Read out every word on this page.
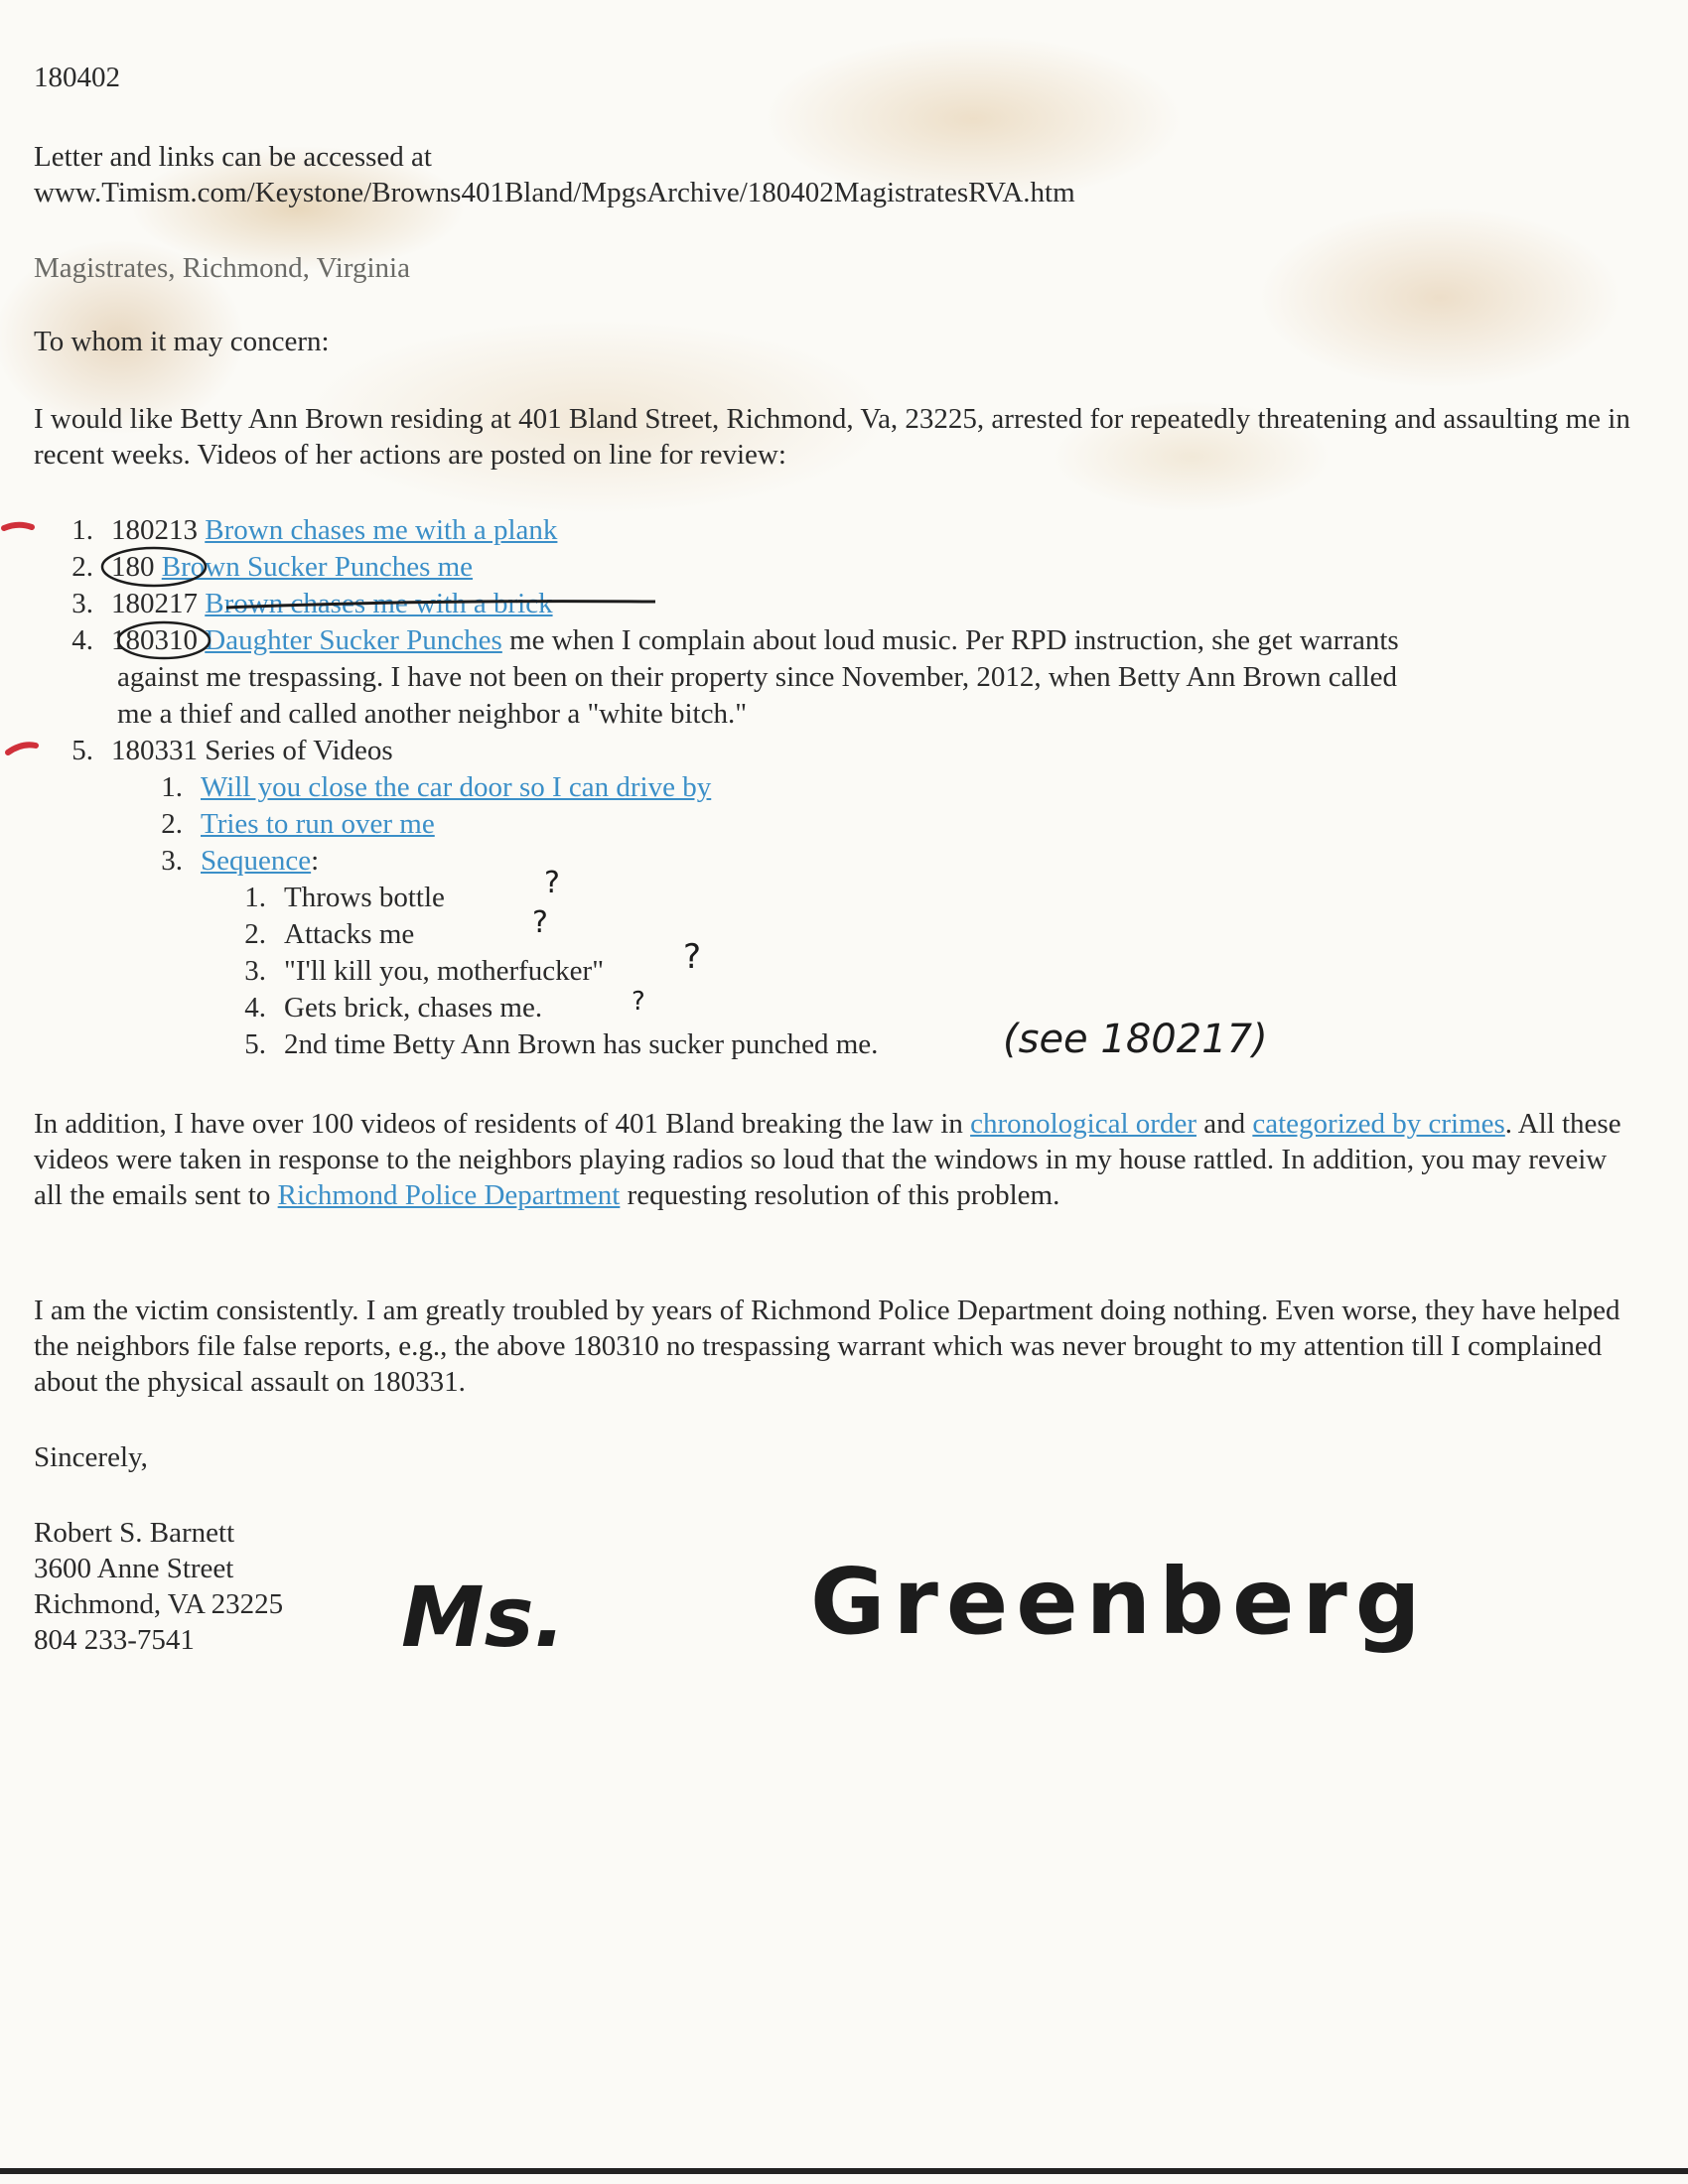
180402
Letter and links can be accessed at
www.Timism.com/Keystone/Browns401Bland/MpgsArchive/180402MagistratesRVA.htm
Magistrates, Richmond, Virginia
To whom it may concern:
I would like Betty Ann Brown residing at 401 Bland Street, Richmond, Va, 23225, arrested for repeatedly threatening and assaulting me in recent weeks. Videos of her actions are posted on line for review:
1. 180213 Brown chases me with a plank
2. 180 Brown Sucker Punches me
3. 180217 Brown chases me with a brick
4. 180310 Daughter Sucker Punches me when I complain about loud music. Per RPD instruction, she get warrants
against me trespassing. I have not been on their property since November, 2012, when Betty Ann Brown called
me a thief and called another neighbor a "white bitch."
5. 180331 Series of Videos
1. Will you close the car door so I can drive by
2. Tries to run over me
3. Sequence:
1. Throws bottle
2. Attacks me
3. "I'll kill you, motherfucker"
4. Gets brick, chases me.
5. 2nd time Betty Ann Brown has sucker punched me.
?
?
?
?
(see 180217)
In addition, I have over 100 videos of residents of 401 Bland breaking the law in chronological order and categorized by crimes. All these videos were taken in response to the neighbors playing radios so loud that the windows in my house rattled. In addition, you may reveiw all the emails sent to Richmond Police Department requesting resolution of this problem.
I am the victim consistently. I am greatly troubled by years of Richmond Police Department doing nothing. Even worse, they have helped the neighbors file false reports, e.g., the above 180310 no trespassing warrant which was never brought to my attention till I complained about the physical assault on 180331.
Sincerely,
Robert S. Barnett
3600 Anne Street
Richmond, VA 23225
804 233-7541 Ms.	Greenberg
